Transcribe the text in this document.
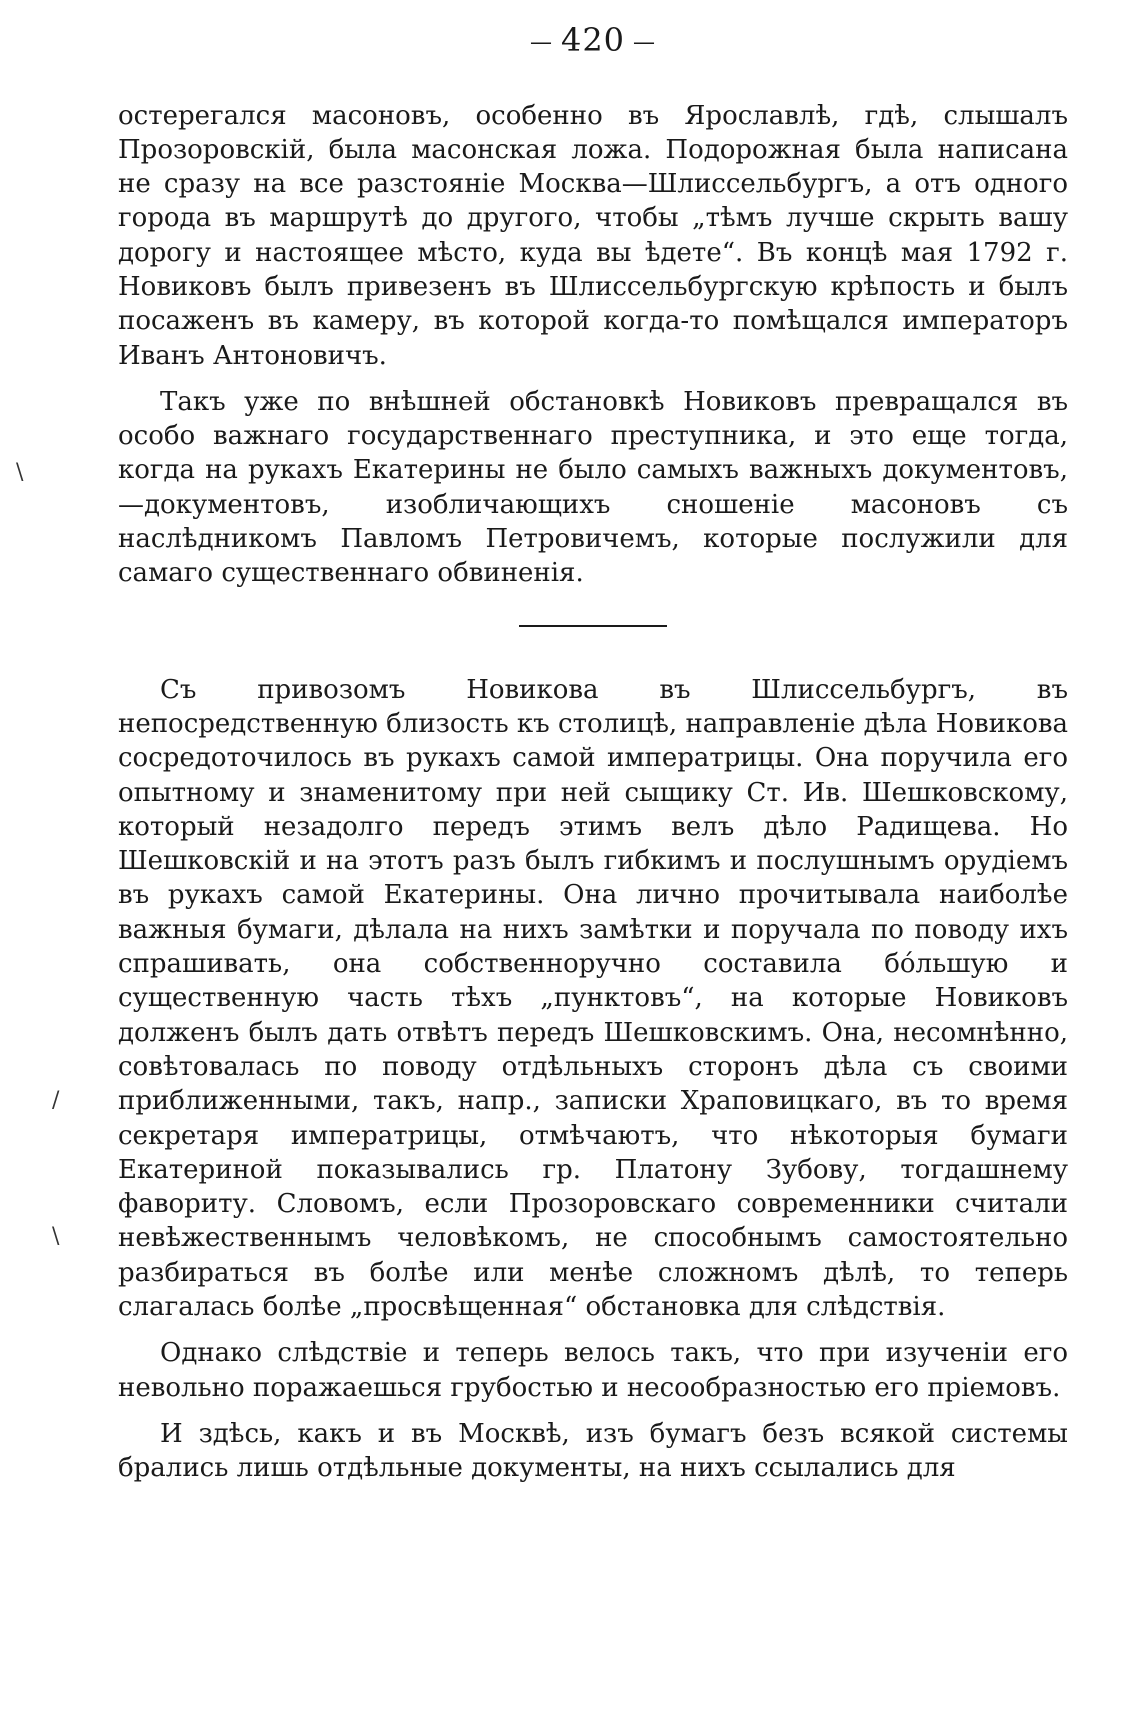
— 420 —

остерегался масоновъ, особенно въ Ярославлѣ, гдѣ, слышалъ Прозоровскій, была масонская ложа. Подорожная была написана не сразу на все разстояніе Москва—Шлиссельбургъ, а отъ одного города въ маршрутѣ до другого, чтобы „тѣмъ лучше скрыть вашу дорогу и настоящее мѣсто, куда вы ѣдете“. Въ концѣ мая 1792 г. Новиковъ былъ привезенъ въ Шлиссельбургскую крѣпость и былъ посаженъ въ камеру, въ которой когда-то помѣщался императоръ Иванъ Антоновичъ.

Такъ уже по внѣшней обстановкѣ Новиковъ превращался въ особо важнаго государственнаго преступника, и это еще тогда, когда на рукахъ Екатерины не было самыхъ важныхъ документовъ,—документовъ, изобличающихъ сношеніе масоновъ съ наслѣдникомъ Павломъ Петровичемъ, которые послужили для самаго существеннаго обвиненія.

Съ привозомъ Новикова въ Шлиссельбургъ, въ непосредственную близость къ столицѣ, направленіе дѣла Новикова сосредоточилось въ рукахъ самой императрицы. Она поручила его опытному и знаменитому при ней сыщику Ст. Ив. Шешковскому, который незадолго передъ этимъ велъ дѣло Радищева. Но Шешковскій и на этотъ разъ былъ гибкимъ и послушнымъ орудіемъ въ рукахъ самой Екатерины. Она лично прочитывала наиболѣе важныя бумаги, дѣлала на нихъ замѣтки и поручала по поводу ихъ спрашивать, она собственноручно составила бо́льшую и существенную часть тѣхъ „пунктовъ“, на которые Новиковъ долженъ былъ дать отвѣтъ передъ Шешковскимъ. Она, несомнѣнно, совѣтовалась по поводу отдѣльныхъ сторонъ дѣла съ своими приближенными, такъ, напр., записки Храповицкаго, въ то время секретаря императрицы, отмѣчаютъ, что нѣкоторыя бумаги Екатериной показывались гр. Платону Зубову, тогдашнему фавориту. Словомъ, если Прозоровскаго современники считали невѣжественнымъ человѣкомъ, не способнымъ самостоятельно разбираться въ болѣе или менѣе сложномъ дѣлѣ, то теперь слагалась болѣе „просвѣщенная“ обстановка для слѣдствія.

Однако слѣдствіе и теперь велось такъ, что при изученіи его невольно поражаешься грубостью и несообразностью его пріемовъ.

И здѣсь, какъ и въ Москвѣ, изъ бумагъ безъ всякой системы брались лишь отдѣльные документы, на нихъ ссылались для

\
/
\
